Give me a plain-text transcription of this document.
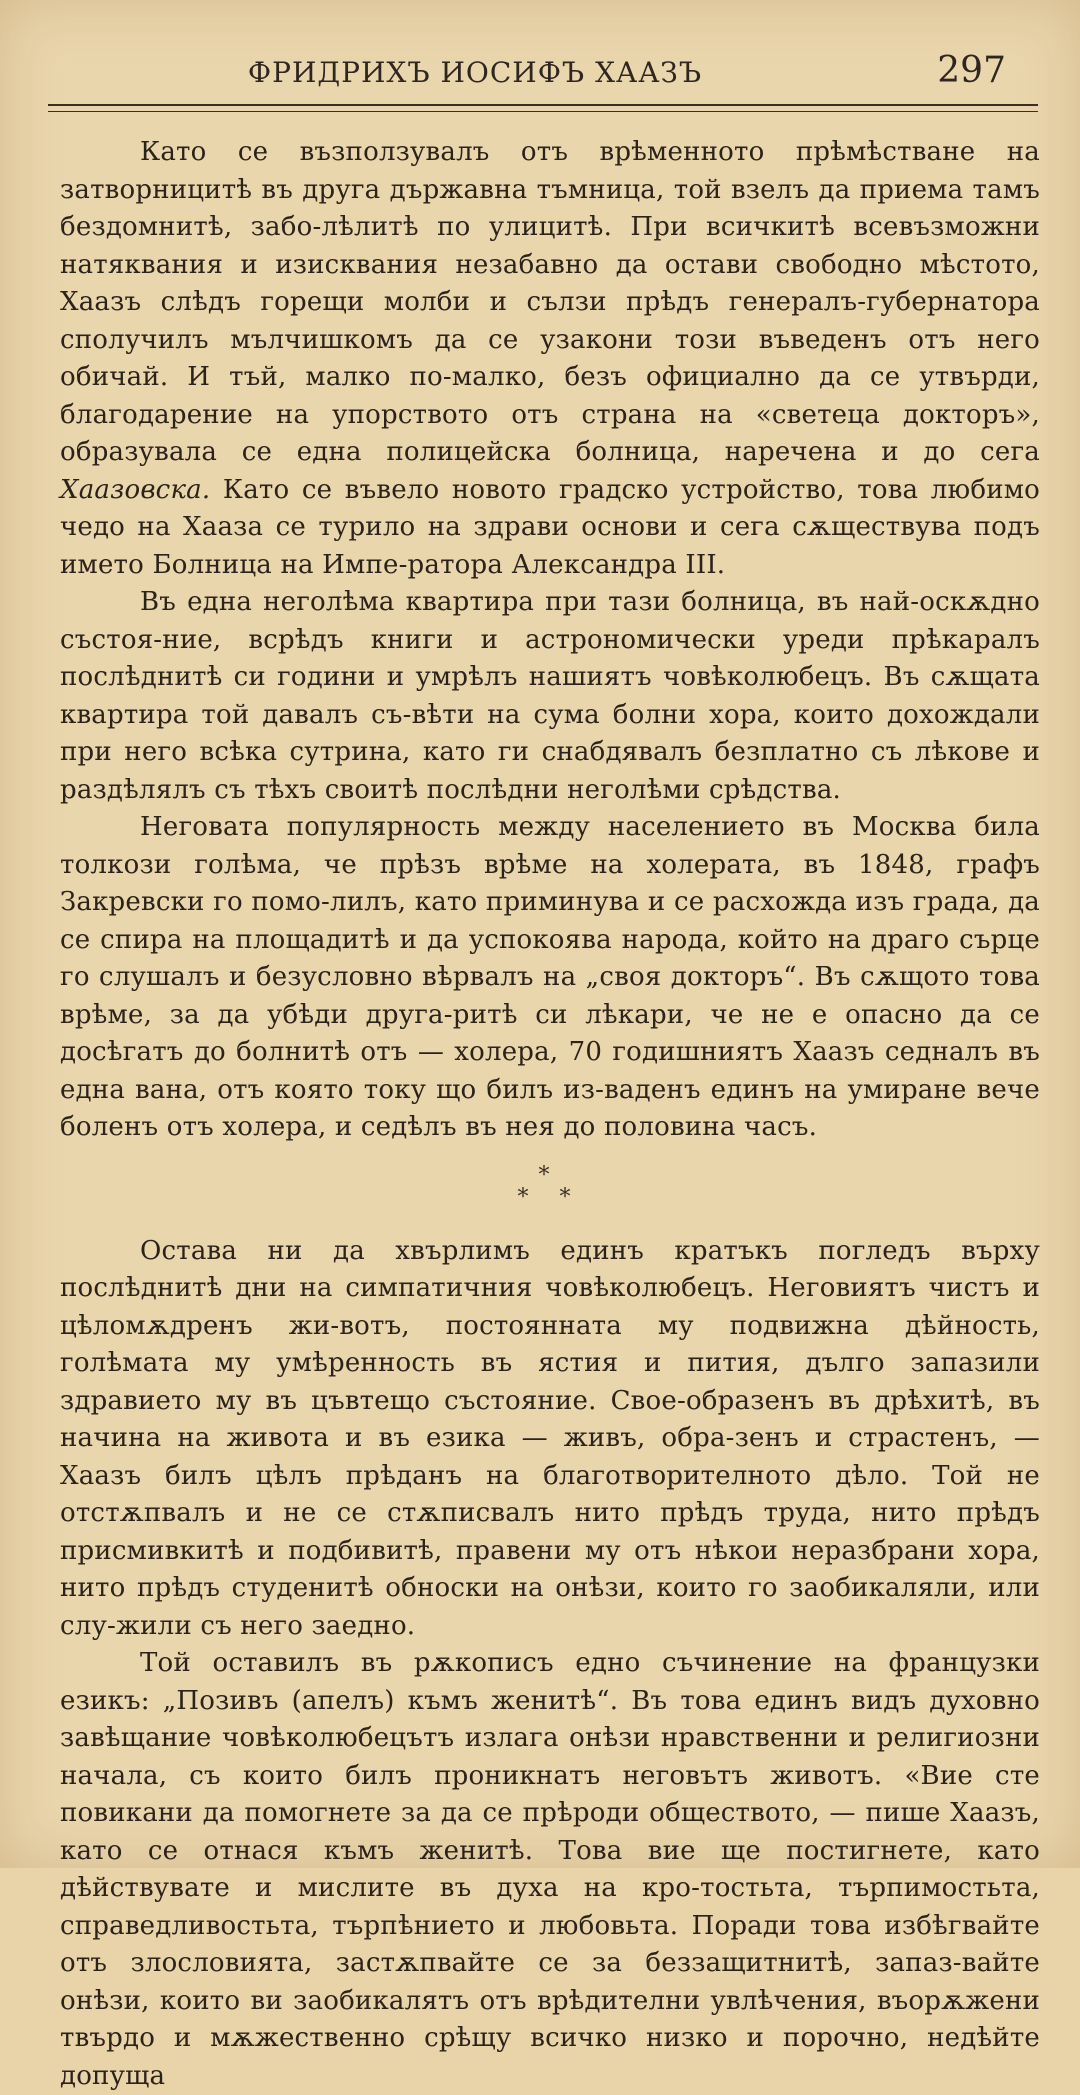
ФРИДРИХЪ ИОСИФЪ ХААЗЪ	297

Като се възползувалъ отъ врѣменното прѣмѣстване на затворницитѣ въ друга държавна тъмница, той взелъ да приема тамъ бездомнитѣ, забо-лѣлитѣ по улицитѣ. При всичкитѣ всевъзможни натяквания и изисквания незабавно да остави свободно мѣстото, Хаазъ слѣдъ горещи молби и сълзи прѣдъ генералъ-губернатора сполучилъ мълчишкомъ да се узакони този въведенъ отъ него обичай. И тъй, малко по-малко, безъ официално да се утвърди, благодарение на упорството отъ страна на «светеца докторъ», образувала се една полицейска болница, наречена и до сега Хаазовска. Като се въвело новото градско устройство, това любимо чедо на Хааза се турило на здрави основи и сега сѫществува подъ името Болница на Импе-ратора Александра III.

Въ една неголѣма квартира при тази болница, въ най-оскѫдно състоя-ние, всрѣдъ книги и астрономически уреди прѣкаралъ послѣднитѣ си години и умрѣлъ нашиятъ човѣколюбецъ. Въ сѫщата квартира той давалъ съ-вѣти на сума болни хора, които дохождали при него всѣка сутрина, като ги снабдявалъ безплатно съ лѣкове и раздѣлялъ съ тѣхъ своитѣ послѣдни неголѣми срѣдства.

Неговата популярность между населението въ Москва била толкози голѣма, че прѣзъ врѣме на холерата, въ 1848, графъ Закревски го помо-лилъ, като приминува и се расхожда изъ града, да се спира на площадитѣ и да успокоява народа, който на драго сърце го слушалъ и безусловно вѣрвалъ на „своя докторъ“. Въ сѫщото това врѣме, за да убѣди друга-ритѣ си лѣкари, че не е опасно да се досѣгатъ до болнитѣ отъ — холера, 70 годишниятъ Хаазъ седналъ въ една вана, отъ която току що билъ из-ваденъ единъ на умиране вече боленъ отъ холера, и седѣлъ въ нея до половина часъ.

*
* *

Остава ни да хвърлимъ единъ кратъкъ погледъ върху послѣднитѣ дни на симпатичния човѣколюбецъ. Неговиятъ чистъ и цѣломѫдренъ жи-вотъ, постоянната му подвижна дѣйность, голѣмата му умѣренность въ ястия и пития, дълго запазили здравието му въ цъвтещо състояние. Свое-образенъ въ дрѣхитѣ, въ начина на живота и въ езика — живъ, обра-зенъ и страстенъ, — Хаазъ билъ цѣлъ прѣданъ на благотворителното дѣло. Той не отстѫпвалъ и не се стѫписвалъ нито прѣдъ труда, нито прѣдъ присмивкитѣ и подбивитѣ, правени му отъ нѣкои неразбрани хора, нито прѣдъ студенитѣ обноски на онѣзи, които го заобикаляли, или слу-жили съ него заедно.

Той оставилъ въ рѫкописъ едно съчинение на французки езикъ: „Позивъ (апелъ) къмъ женитѣ“. Въ това единъ видъ духовно завѣщание човѣколюбецътъ излага онѣзи нравственни и религиозни начала, съ които билъ проникнатъ неговътъ животъ. «Вие сте повикани да помогнете за да се прѣроди обществото, — пише Хаазъ, като се отнася къмъ женитѣ. Това вие ще постигнете, като дѣйствувате и мислите въ духа на кро-тостьта, търпимостьта, справедливостьта, търпѣнието и любовьта. Поради това избѣгвайте отъ злословията, застѫпвайте се за беззащитнитѣ, запаз-вайте онѣзи, които ви заобикалятъ отъ врѣдителни увлѣчения, въорѫжени твърдо и мѫжественно срѣщу всичко низко и порочно, недѣйте допуща
